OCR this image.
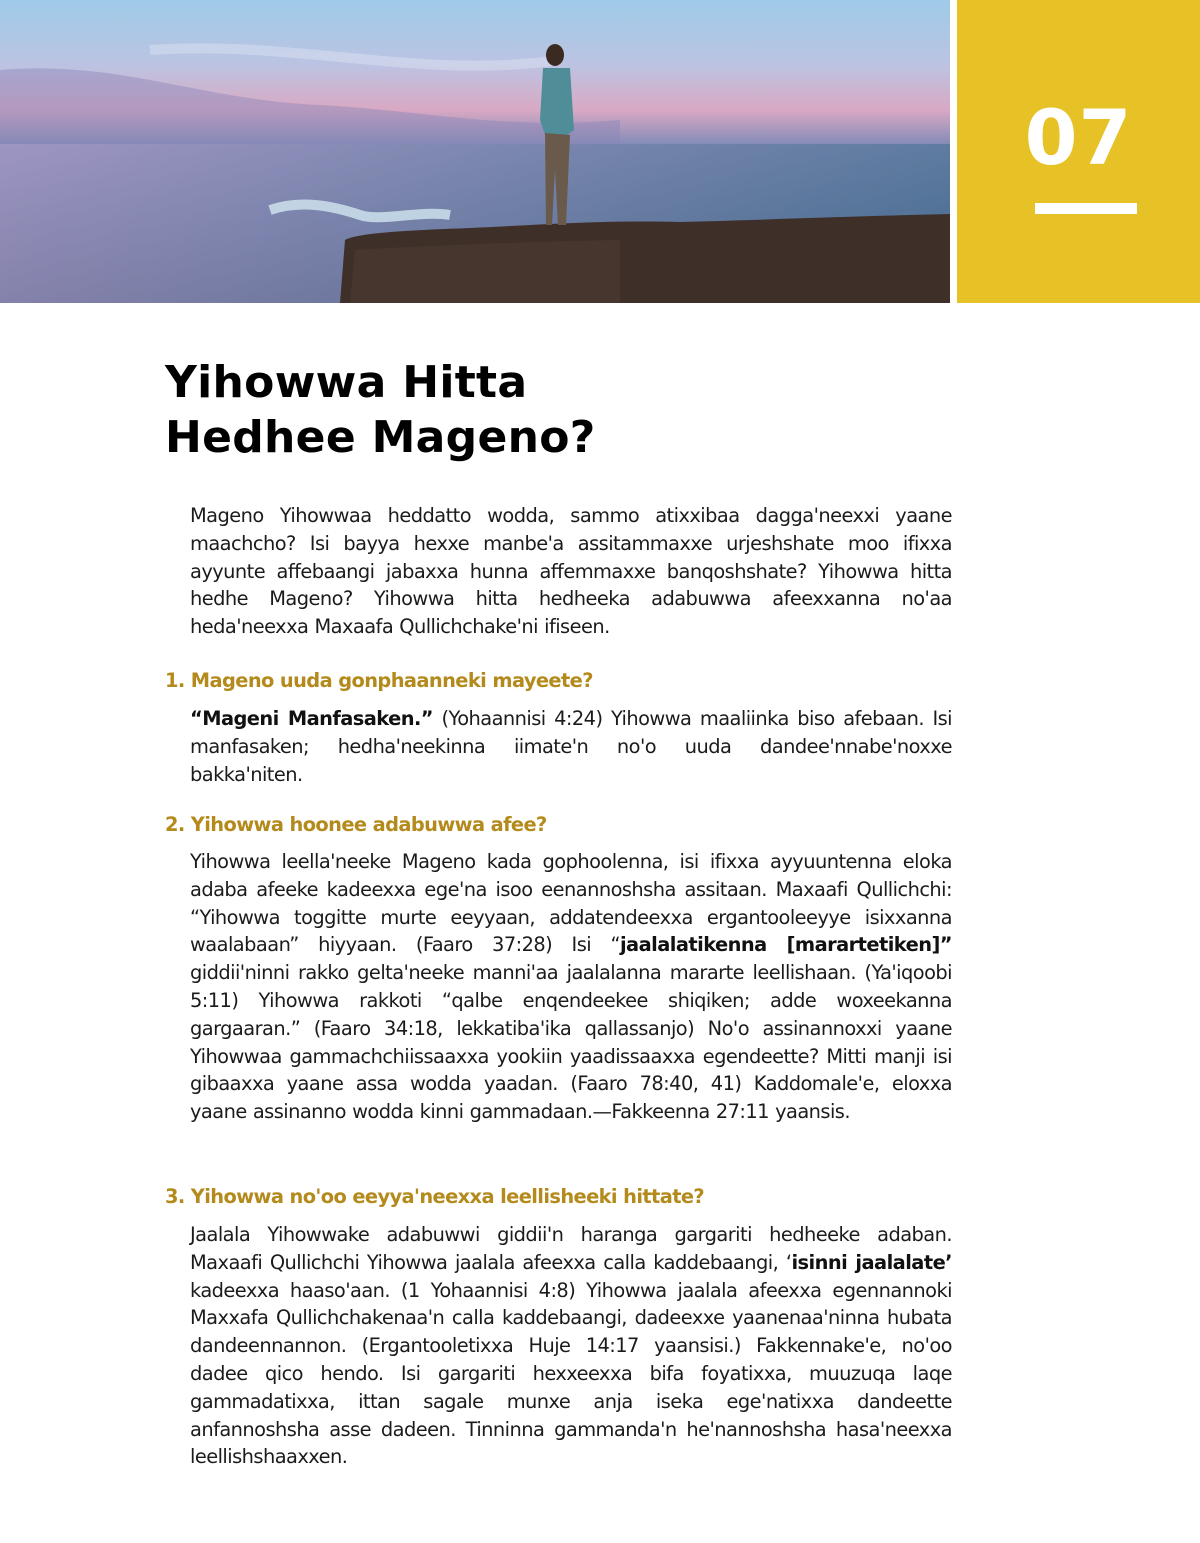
07
Yihowwa Hitta
Hedhee Mageno?

Mageno Yihowwaa heddatto wodda, sammo atixxibaa dagga'neexxi yaane maachcho? Isi bayya hexxe manbe'a assitammaxxe urjeshshate moo ifixxa ayyunte affebaangi jabaxxa hunna affemmaxxe banqoshshate? Yihowwa hitta hedhe Mageno? Yihowwa hitta hedheeka adabuwwa afeexxanna no'aa heda'neexxa Maxaafa Qullichchake'ni ifiseen.

1. Mageno uuda gonphaanneki mayeete?

“Mageni Manfasaken.” (Yohaannisi 4:24) Yihowwa maaliinka biso afebaan. Isi manfasaken; hedha'neekinna iimate'n no'o uuda dandee'nnabe'noxxe bakka'niten.

2. Yihowwa hoonee adabuwwa afee?

Yihowwa leella'neeke Mageno kada gophoolenna, isi ifixxa ayyuuntenna eloka adaba afeeke kadeexxa ege'na isoo eenannoshsha assitaan. Maxaafi Qullichchi: “Yihowwa toggitte murte eeyyaan, addatendeexxa ergantooleeyye isixxanna waalabaan” hiyyaan. (Faaro 37:28) Isi “jaalalatikenna [marartetiken]” giddii'ninni rakko gelta'neeke manni'aa jaalalanna mararte leellishaan. (Ya'iqoobi 5:11) Yihowwa rakkoti “qalbe enqendeekee shiqiken; adde woxeekanna gargaaran.” (Faaro 34:18, lekkatiba'ika qallassanjo) No'o assinannoxxi yaane Yihowwaa gammachchiissaaxxa yookiin yaadissaaxxa egendeette? Mitti manji isi gibaaxxa yaane assa wodda yaadan. (Faaro 78:40, 41) Kaddomale'e, eloxxa yaane assinanno wodda kinni gammadaan.—Fakkeenna 27:11 yaansis.

3. Yihowwa no'oo eeyya'neexxa leellisheeki hittate?

Jaalala Yihowwake adabuwwi giddii'n haranga gargariti hedheeke adaban. Maxaafi Qullichchi Yihowwa jaalala afeexxa calla kaddebaangi, ‘isinni jaalalate’ kadeexxa haaso'aan. (1 Yohaannisi 4:8) Yihowwa jaalala afeexxa egennannoki Maxxafa Qullichchakenaa'n calla kaddebaangi, dadeexxe yaanenaa'ninna hubata dandeennannon. (Ergantooletixxa Huje 14:17 yaansisi.) Fakkennake'e, no'oo dadee qico hendo. Isi gargariti hexxeexxa bifa foyatixxa, muuzuqa laqe gammadatixxa, ittan sagale munxe anja iseka ege'natixxa dandeette anfannoshsha asse dadeen. Tinninna gammanda'n he'nannoshsha hasa'neexxa leellishshaaxxen.
